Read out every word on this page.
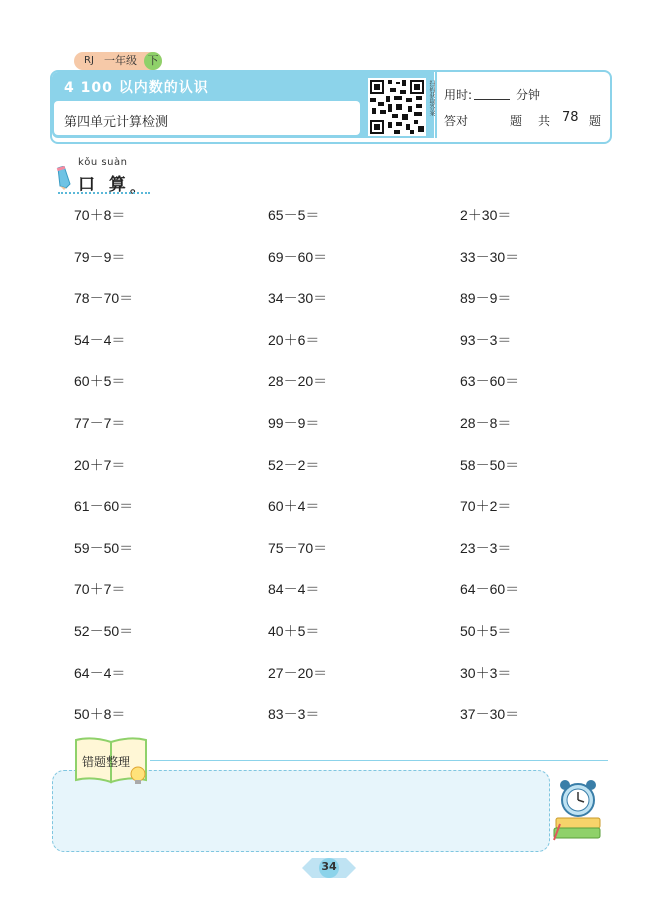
RJ 一年级 下
4 100 以内数的认识
第四单元计算检测
扫码获取答案 用时:	分钟
答对	题 共 78 题
kǒu suàn
口 算 。
70＋8＝	65－5＝	2＋30＝
79－9＝	69－60＝	33－30＝
78－70＝	34－30＝	89－9＝
54－4＝	20＋6＝	93－3＝
60＋5＝	28－20＝	63－60＝
77－7＝	99－9＝	28－8＝
20＋7＝	52－2＝	58－50＝
61－60＝	60＋4＝	70＋2＝
59－50＝	75－70＝	23－3＝
70＋7＝	84－4＝	64－60＝
52－50＝	40＋5＝	50＋5＝
64－4＝	27－20＝	30＋3＝
50＋8＝	83－3＝	37－30＝
错题整理
34
